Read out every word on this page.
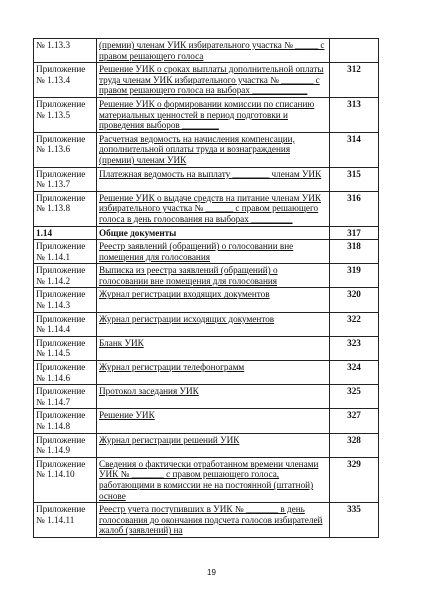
№ 1.13.3	(премии) членам УИК избирательного участка № _____ с правом решающего голоса	
Приложение № 1.13.4	Решение УИК о сроках выплаты дополнительной оплаты труда членам УИК избирательного участка № _______ с правом решающего голоса на выборах ____________	312
Приложение № 1.13.5	Решение УИК о формировании комиссии по списанию материальных ценностей в период подготовки и проведения выборов ________	313
Приложение № 1.13.6	Расчетная ведомость на начисления компенсации, дополнительной оплаты труда и вознаграждения (премии) членам УИК	314
Приложение № 1.13.7	Платежная ведомость на выплату ________ членам УИК	315
Приложение № 1.13.8	Решение УИК о выдаче средств на питание членам УИК избирательного участка № ______ с правом решающего голоса в день голосования на выборах _________	316
1.14	Общие документы	317
Приложение № 1.14.1	Реестр заявлений (обращений) о голосовании вне помещения для голосования	318
Приложение № 1.14.2	Выписка из реестра заявлений (обращений) о голосовании вне помещения для голосования	319
Приложение № 1.14.3	Журнал регистрации входящих документов	320
Приложение № 1.14.4	Журнал регистрации исходящих документов	322
Приложение № 1.14.5	Бланк УИК	323
Приложение № 1.14.6	Журнал регистрации телефонограмм	324
Приложение № 1.14.7	Протокол заседания УИК	325
Приложение № 1.14.8	Решение УИК	327
Приложение № 1.14.9	Журнал регистрации решений УИК	328
Приложение № 1.14.10	Сведения о фактически отработанном времени членами УИК № _______ с правом решающего голоса, работающими в комиссии не на постоянной (штатной) основе	329
Приложение № 1.14.11	Реестр учета поступивших в УИК № _______ в день голосования до окончания подсчета голосов избирателей жалоб (заявлений) на	335
19
